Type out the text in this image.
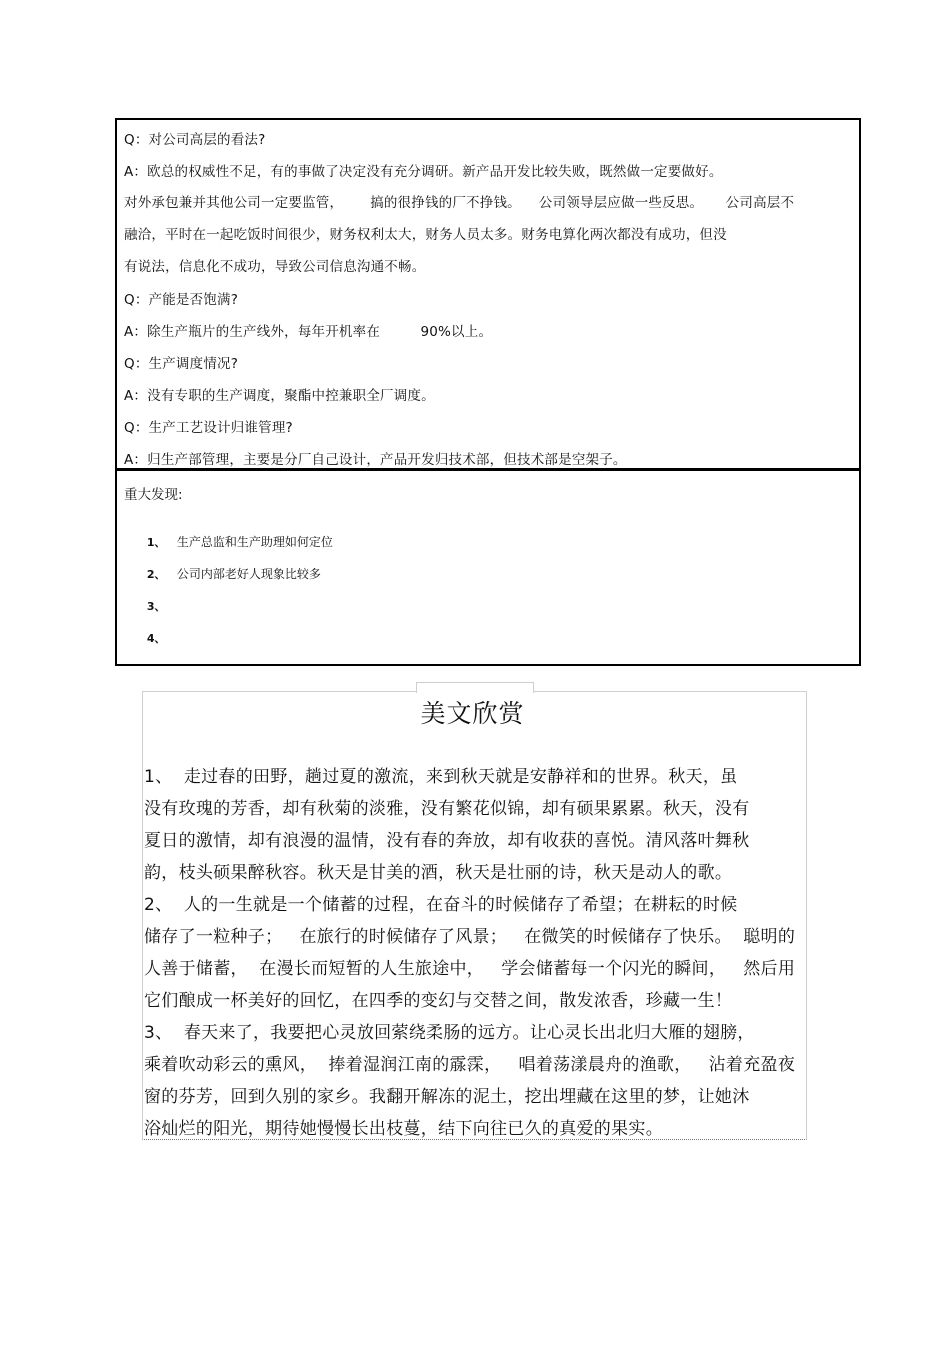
Q：对公司高层的看法?
A：欧总的权威性不足，有的事做了决定没有充分调研。新产品开发比较失败，既然做一定要做好。
对外承包兼并其他公司一定要监管，      搞的很挣钱的厂不挣钱。    公司领导层应做一些反思。     公司高层不
融洽，平时在一起吃饭时间很少，财务权利太大，财务人员太多。财务电算化两次都没有成功，但没
有说法，信息化不成功，导致公司信息沟通不畅。
Q：产能是否饱满?
A：除生产瓶片的生产线外，每年开机率在         90%以上。
Q：生产调度情况?
A：没有专职的生产调度，聚酯中控兼职全厂调度。
Q：生产工艺设计归谁管理?
A：归生产部管理，主要是分厂自己设计，产品开发归技术部，但技术部是空架子。
重大发现:

1、 生产总监和生产助理如何定位

2、 公司内部老好人现象比较多

3、

4、

美文欣赏
1、  走过春的田野，趟过夏的激流，来到秋天就是安静祥和的世界。秋天，虽
没有玫瑰的芳香，却有秋菊的淡雅，没有繁花似锦，却有硕果累累。秋天，没有
夏日的激情，却有浪漫的温情，没有春的奔放，却有收获的喜悦。清风落叶舞秋
韵，枝头硕果醉秋容。秋天是甘美的酒，秋天是壮丽的诗，秋天是动人的歌。
2、  人的一生就是一个储蓄的过程，在奋斗的时候储存了希望；在耕耘的时候
储存了一粒种子；   在旅行的时候储存了风景；   在微笑的时候储存了快乐。  聪明的
人善于储蓄，  在漫长而短暂的人生旅途中，   学会储蓄每一个闪光的瞬间，   然后用
它们酿成一杯美好的回忆，在四季的变幻与交替之间，散发浓香，珍藏一生！
3、  春天来了，我要把心灵放回萦绕柔肠的远方。让心灵长出北归大雁的翅膀，
乘着吹动彩云的熏风，  捧着湿润江南的霡霂，   唱着荡漾晨舟的渔歌，   沾着充盈夜
窗的芬芳，回到久别的家乡。我翻开解冻的泥土，挖出埋藏在这里的梦，让她沐
浴灿烂的阳光，期待她慢慢长出枝蔓，结下向往已久的真爱的果实。
